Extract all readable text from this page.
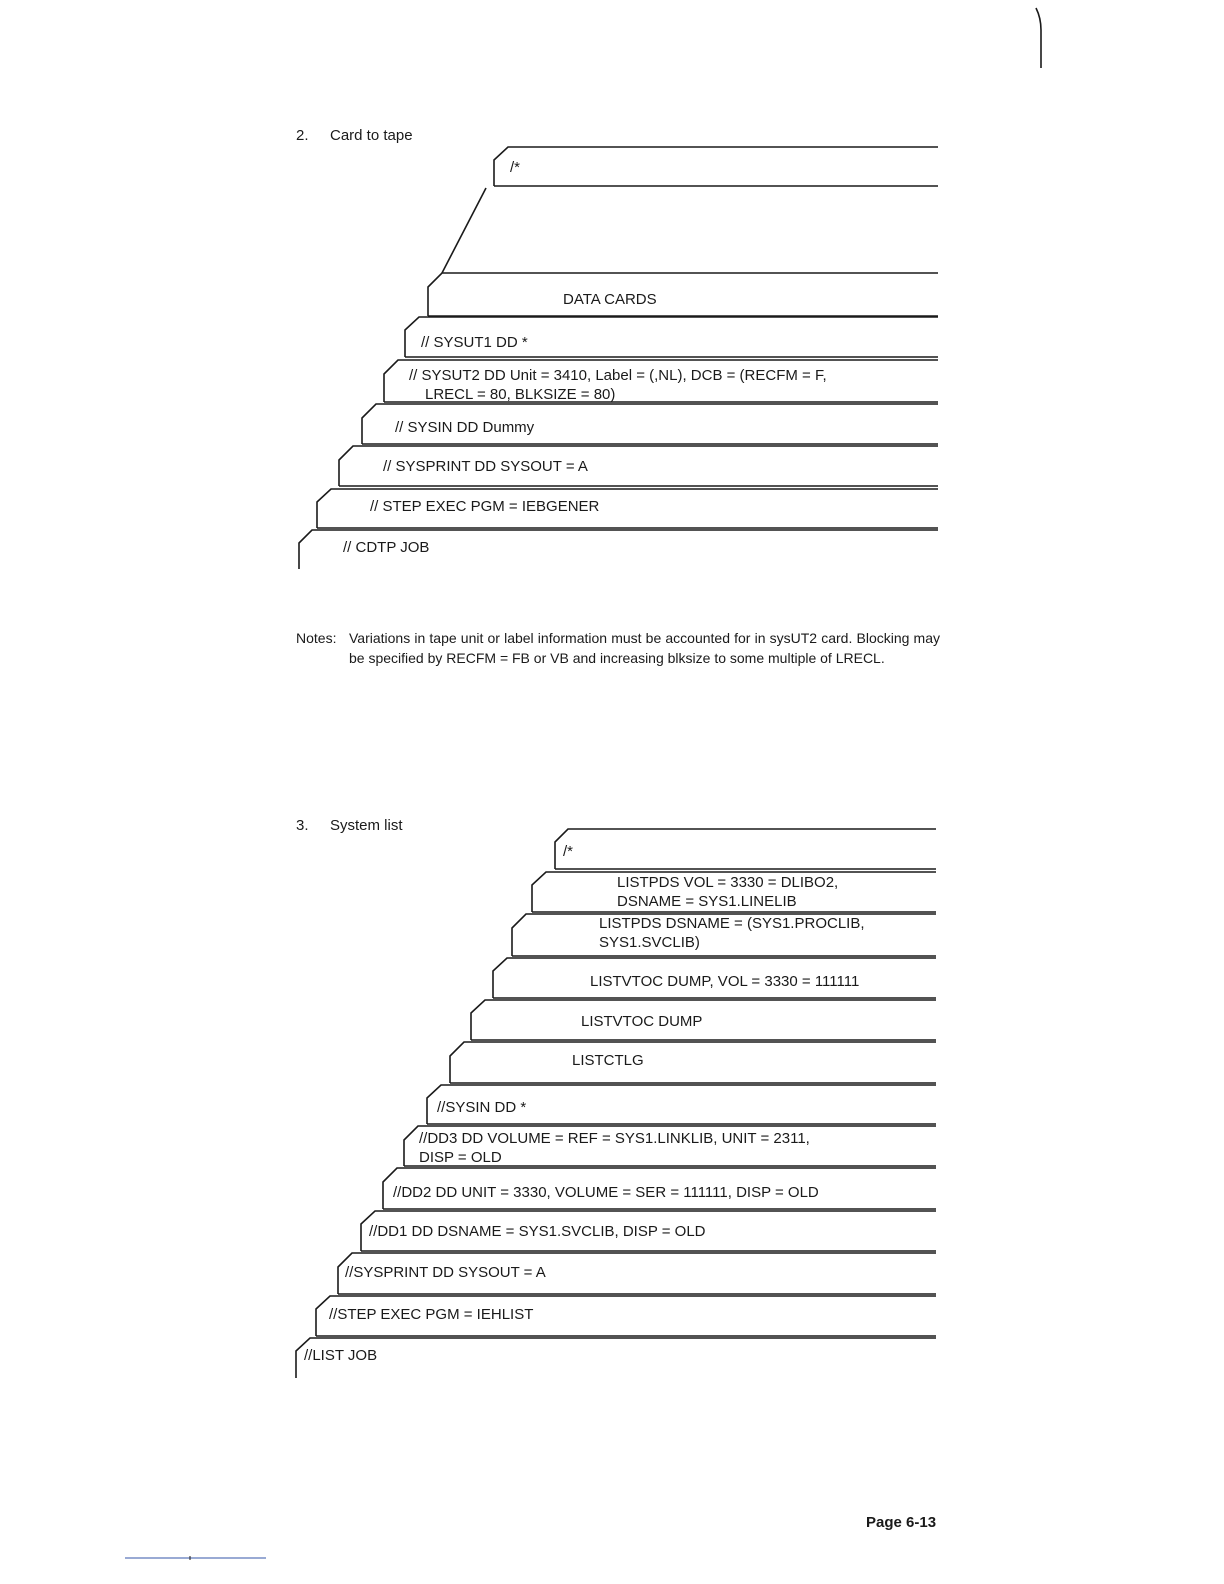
2. Card to tape
/*
DATA CARDS
// SYSUT1 DD *
// SYSUT2 DD Unit = 3410, Label = (,NL), DCB = (RECFM = F,
LRECL = 80, BLKSIZE = 80)
// SYSIN DD Dummy
// SYSPRINT DD SYSOUT = A
// STEP EXEC PGM = IEBGENER
// CDTP JOB
Notes: Variations in tape unit or label information must be accounted for in sysUT2 card. Blocking may be specified by RECFM = FB or VB and increasing blksize to some multiple of LRECL.
3. System list
/*
LISTPDS VOL = 3330 = DLIBO2,
DSNAME = SYS1.LINELIB
LISTPDS DSNAME = (SYS1.PROCLIB,
SYS1.SVCLIB)
LISTVTOC DUMP, VOL = 3330 = 111111
LISTVTOC DUMP
LISTCTLG
//SYSIN DD *
//DD3 DD VOLUME = REF = SYS1.LINKLIB, UNIT = 2311,
DISP = OLD
//DD2 DD UNIT = 3330, VOLUME = SER = 111111, DISP = OLD
//DD1 DD DSNAME = SYS1.SVCLIB, DISP = OLD
//SYSPRINT DD SYSOUT = A
//STEP EXEC PGM = IEHLIST
//LIST JOB
Page 6-13
